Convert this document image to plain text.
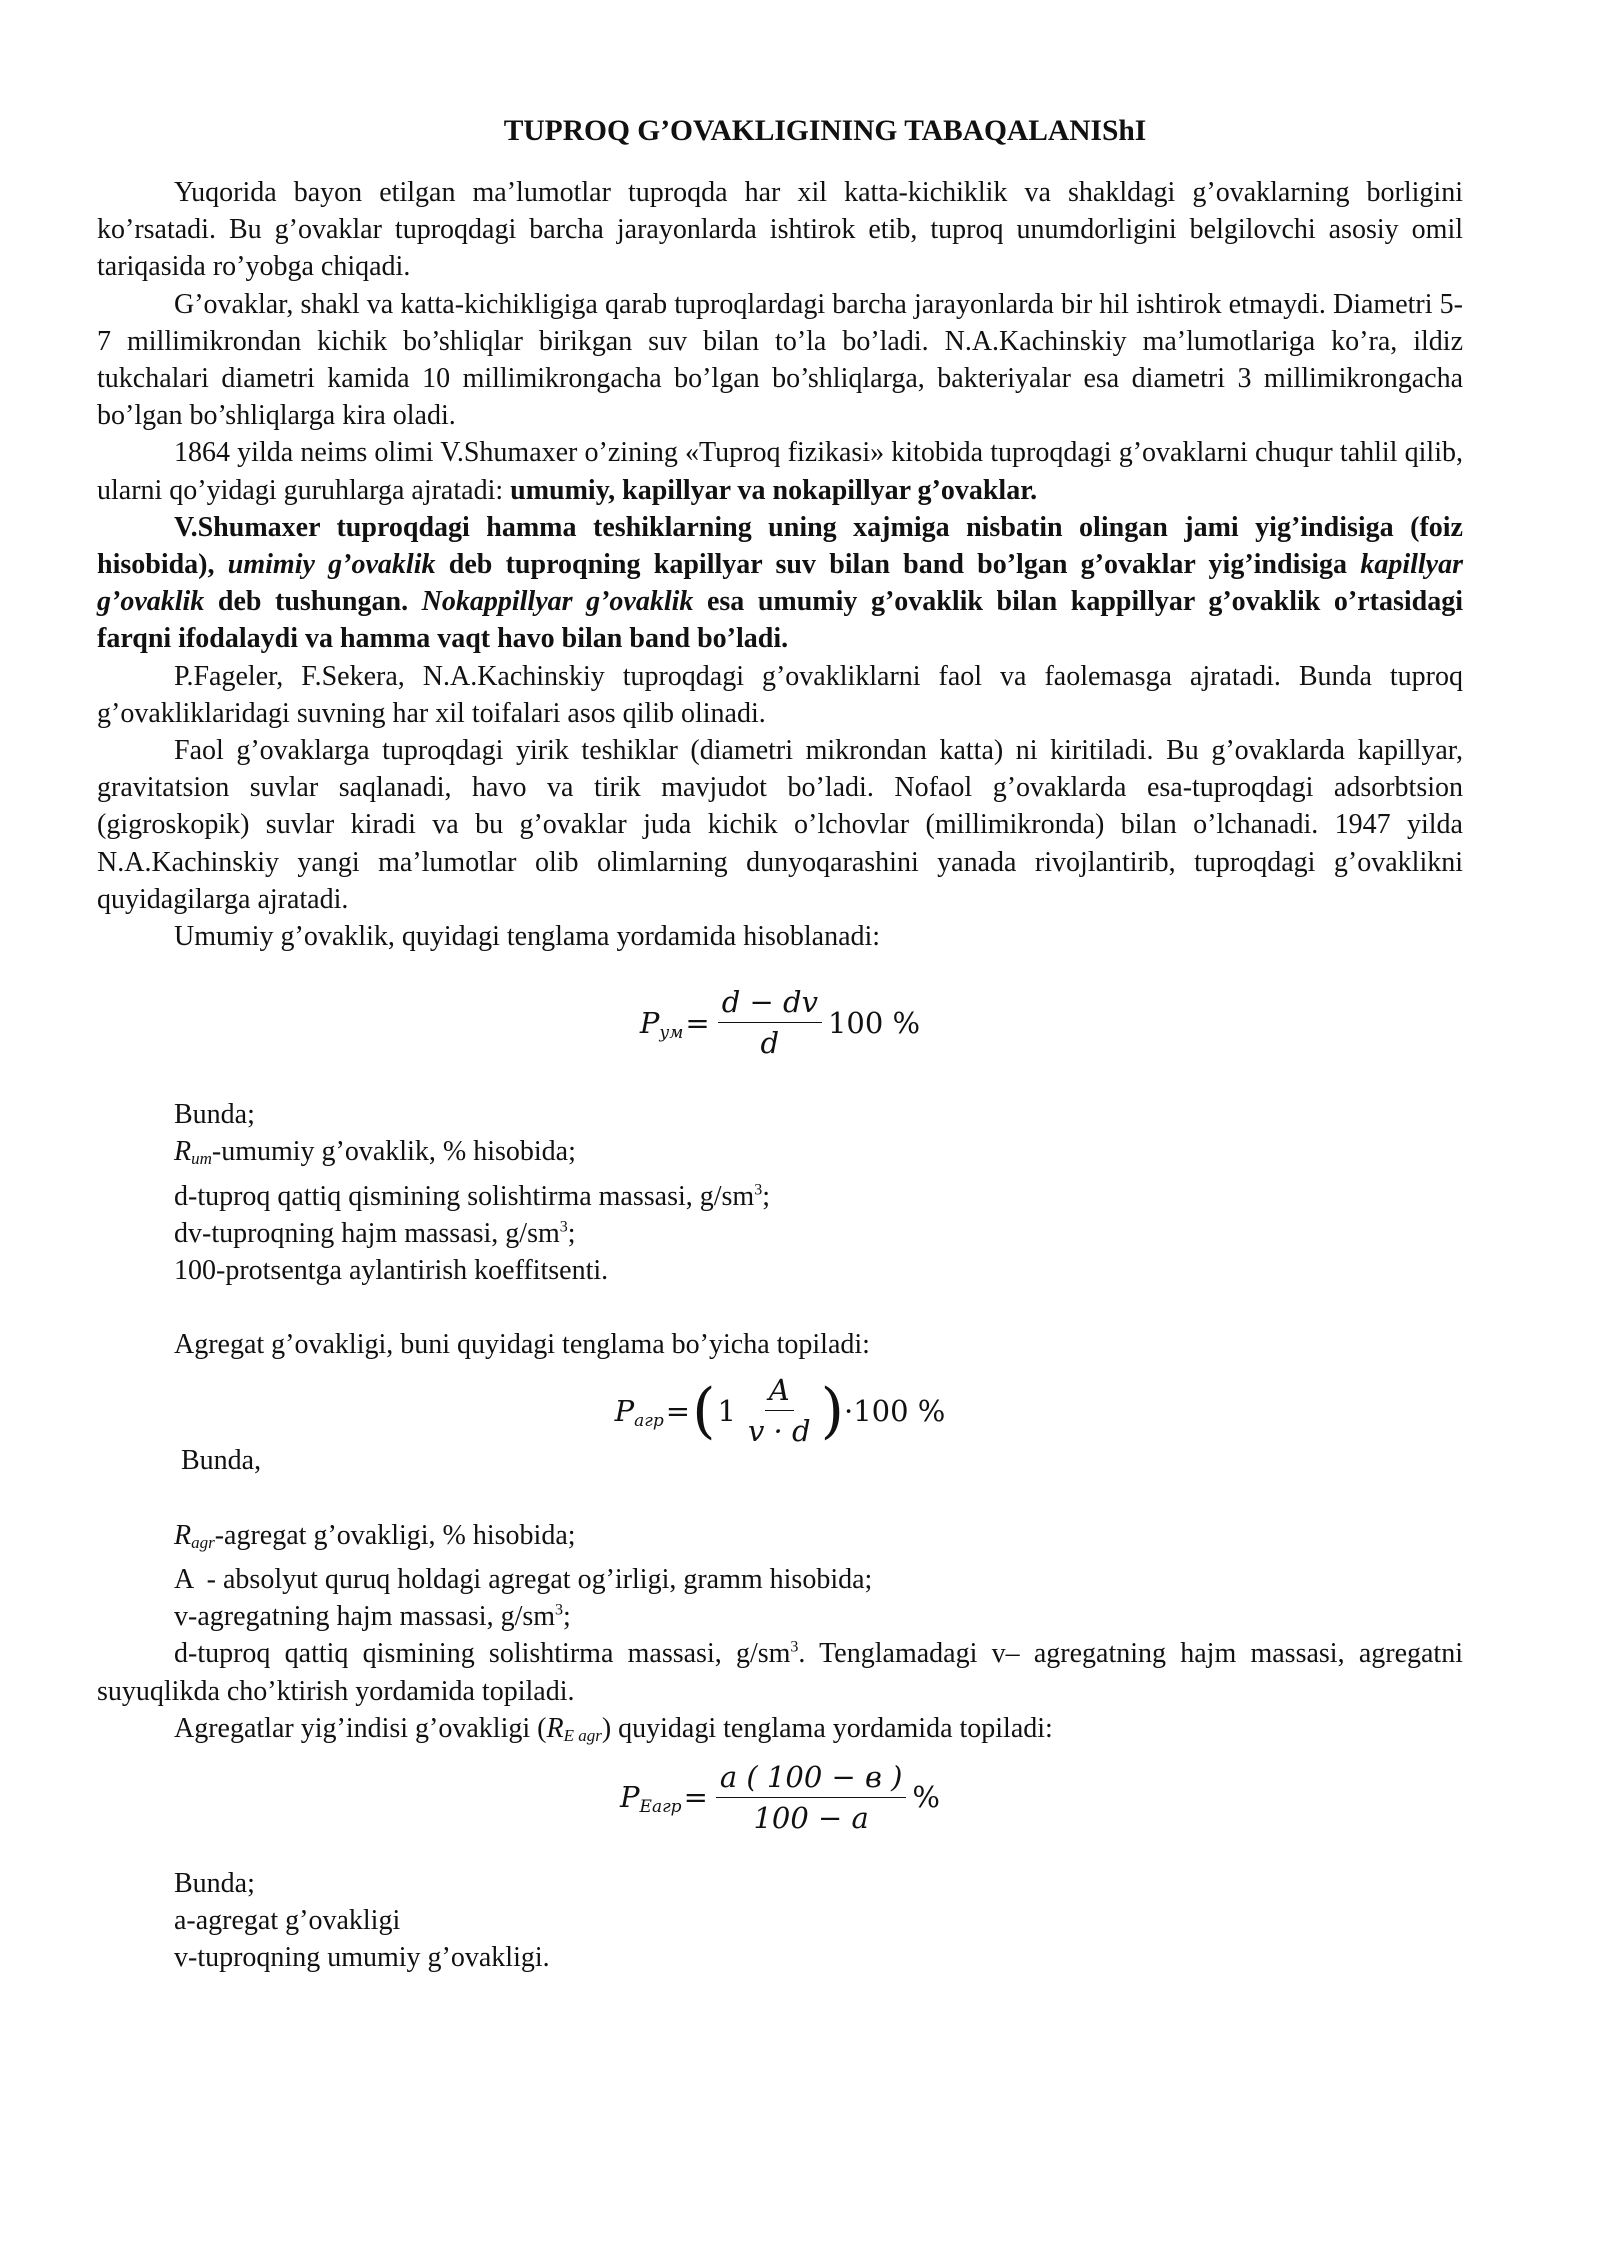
TUPROQ G’OVAKLIGINING TABAQALANIShI

Yuqorida bayon etilgan ma’lumotlar tuproqda har xil katta-kichiklik va shakldagi g’ovaklarning borligini ko’rsatadi. Bu g’ovaklar tuproqdagi barcha jarayonlarda ishtirok etib, tuproq unumdorligini belgilovchi asosiy omil tariqasida ro’yobga chiqadi.

G’ovaklar, shakl va katta-kichikligiga qarab tuproqlardagi barcha jarayonlarda bir hil ishtirok etmaydi. Diametri 5-7 millimikrondan kichik bo’shliqlar birikgan suv bilan to’la bo’ladi. N.A.Kachinskiy ma’lumotlariga ko’ra, ildiz tukchalari diametri kamida 10 millimikrongacha bo’lgan bo’shliqlarga, bakteriyalar esa diametri 3 millimikrongacha bo’lgan bo’shliqlarga kira oladi.

1864 yilda neims olimi V.Shumaxer o’zining «Tuproq fizikasi» kitobida tuproqdagi g’ovaklarni chuqur tahlil qilib, ularni qo’yidagi guruhlarga ajratadi: umumiy, kapillyar va nokapillyar g’ovaklar.

V.Shumaxer tuproqdagi hamma teshiklarning uning xajmiga nisbatin olingan jami yig’indisiga (foiz hisobida), umimiy g’ovaklik deb tuproqning kapillyar suv bilan band bo’lgan g’ovaklar yig’indisiga kapillyar g’ovaklik deb tushungan. Nokappillyar g’ovaklik esa umumiy g’ovaklik bilan kappillyar g’ovaklik o’rtasidagi farqni ifodalaydi va hamma vaqt havo bilan band bo’ladi.

P.Fageler, F.Sekera, N.A.Kachinskiy tuproqdagi g’ovakliklarni faol va faolemasga ajratadi. Bunda tuproq g’ovakliklaridagi suvning har xil toifalari asos qilib olinadi.

Faol g’ovaklarga tuproqdagi yirik teshiklar (diametri mikrondan katta) ni kiritiladi. Bu g’ovaklarda kapillyar, gravitatsion suvlar saqlanadi, havo va tirik mavjudot bo’ladi. Nofaol g’ovaklarda esa-tuproqdagi adsorbtsion (gigroskopik) suvlar kiradi va bu g’ovaklar juda kichik o’lchovlar (millimikronda) bilan o’lchanadi. 1947 yilda N.A.Kachinskiy yangi ma’lumotlar olib olimlarning dunyoqarashini yanada rivojlantirib, tuproqdagi g’ovaklikni quyidagilarga ajratadi.

Umumiy g’ovaklik, quyidagi tenglama yordamida hisoblanadi:

P ум = $\frac{d - dv}{d} 100$ %

Bunda;

Rum-umumiy g’ovaklik, % hisobida;

d-tuproq qattiq qismining solishtirma massasi, $g/sm^3$;

dv-tuproqning hajm massasi, $g/sm^3$;

100-protsentga aylantirish koeffitsenti.

Agregat g’ovakligi, buni quyidagi tenglama bo’yicha topiladi:

P агр = ( $1 \frac{A}{v \cdot d}$ ) ·100 %

Bunda,

Ragr-agregat g’ovakligi, % hisobida;

A  - absolyut quruq holdagi agregat og’irligi, gramm hisobida;

v-agregatning hajm massasi, $g/sm^3$;

d-tuproq qattiq qismining solishtirma massasi, $g/sm^3$. Tenglamadagi v– agregatning hajm massasi, agregatni suyuqlikda cho’ktirish yordamida topiladi.

Agregatlar yig’indisi g’ovakligi (RE agr) quyidagi tenglama yordamida topiladi:

P Eагр = $\frac{a ( 100 - в )}{100 - a}$ %

Bunda;

a-agregat g’ovakligi

v-tuproqning umumiy g’ovakligi.
